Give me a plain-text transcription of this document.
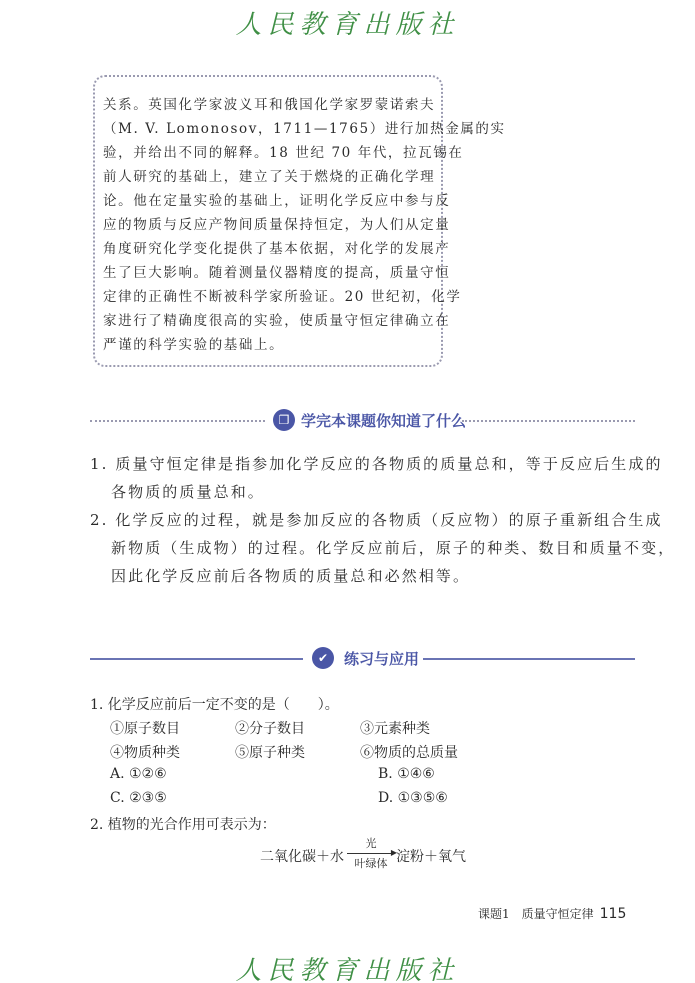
人民教育出版社
关系。英国化学家波义耳和俄国化学家罗蒙诺索夫
（M. V. Lomonosov，1711—1765）进行加热金属的实
验，并给出不同的解释。18 世纪 70 年代，拉瓦锡在
前人研究的基础上，建立了关于燃烧的正确化学理
论。他在定量实验的基础上，证明化学反应中参与反
应的物质与反应产物间质量保持恒定，为人们从定量
角度研究化学变化提供了基本依据，对化学的发展产
生了巨大影响。随着测量仪器精度的提高，质量守恒
定律的正确性不断被科学家所验证。20 世纪初，化学
家进行了精确度很高的实验，使质量守恒定律确立在
严谨的科学实验的基础上。
❐ 学完本课题你知道了什么
1. 质量守恒定律是指参加化学反应的各物质的质量总和，等于反应后生成的
各物质的质量总和。
2. 化学反应的过程，就是参加反应的各物质（反应物）的原子重新组合生成
新物质（生成物）的过程。化学反应前后，原子的种类、数目和质量不变，
因此化学反应前后各物质的质量总和必然相等。
✔	练习与应用
1. 化学反应前后一定不变的是（　　）。
①原子数目	②分子数目	③元素种类
④物质种类	⑤原子种类	⑥物质的总质量
A. ①②⑥	B. ①④⑥
C. ②③⑤	D. ①③⑤⑥
2. 植物的光合作用可表示为：
二氧化碳＋水
光
▶
叶绿体 淀粉＋氧气
课题1　质量守恒定律 115
人民教育出版社
